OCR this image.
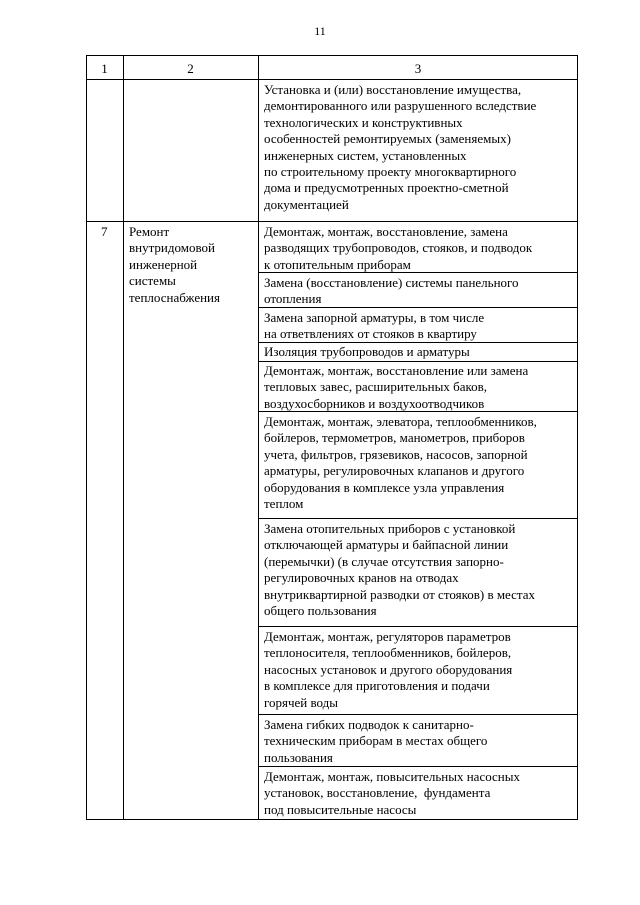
11
1	2	3
Установка и (или) восстановление имущества,
демонтированного или разрушенного вследствие
технологических и конструктивных
особенностей ремонтируемых (заменяемых)
инженерных систем, установленных
по строительному проекту многоквартирного
дома и предусмотренных проектно-сметной
документацией
7 Ремонт
внутридомовой
инженерной
системы
теплоснабжения
Демонтаж, монтаж, восстановление, замена
разводящих трубопроводов, стояков, и подводок
к отопительным приборам
Замена (восстановление) системы панельного
отопления
Замена запорной арматуры, в том числе
на ответвлениях от стояков в квартиру
Изоляция трубопроводов и арматуры
Демонтаж, монтаж, восстановление или замена
тепловых завес, расширительных баков,
воздухосборников и воздухоотводчиков
Демонтаж, монтаж, элеватора, теплообменников,
бойлеров, термометров, манометров, приборов
учета, фильтров, грязевиков, насосов, запорной
арматуры, регулировочных клапанов и другого
оборудования в комплексе узла управления
теплом
Замена отопительных приборов с установкой
отключающей арматуры и байпасной линии
(перемычки) (в случае отсутствия запорно-
регулировочных кранов на отводах
внутриквартирной разводки от стояков) в местах
общего пользования
Демонтаж, монтаж, регуляторов параметров
теплоносителя, теплообменников, бойлеров,
насосных установок и другого оборудования
в комплексе для приготовления и подачи
горячей воды
Замена гибких подводок к санитарно-
техническим приборам в местах общего
пользования
Демонтаж, монтаж, повысительных насосных
установок, восстановление,  фундамента
под повысительные насосы
